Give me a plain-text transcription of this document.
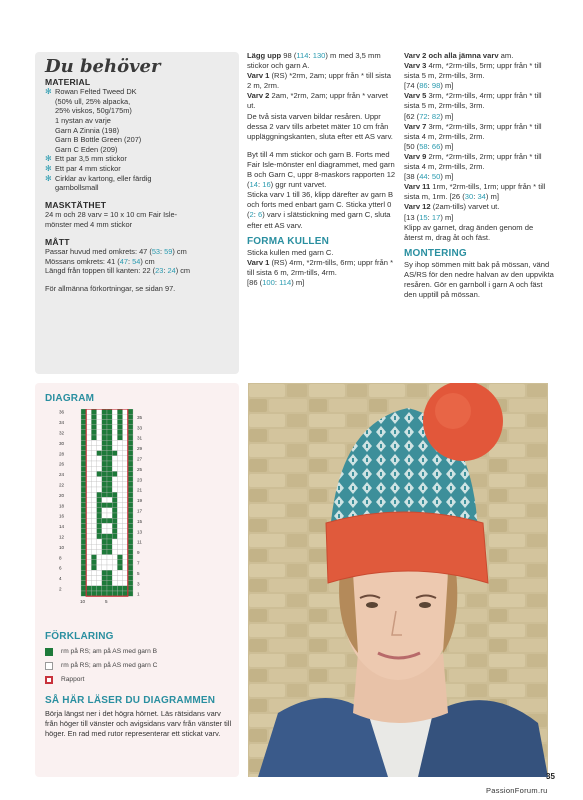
Du behöver
MATERIAL
✻ Rowan Felted Tweed DK
(50% ull, 25% alpacka,
25% viskos, 50g/175m)
1 nystan av varje
Garn A Zinnia (198)
Garn B Bottle Green (207)
Garn C Eden (209)
✻ Ett par 3,5 mm stickor
✻ Ett par 4 mm stickor
✻ Cirklar av kartong, eller färdig
garnbollsmall
MASKTÄTHET
24 m och 28 varv = 10 x 10 cm Fair Isle-
mönster med 4 mm stickor
MÅTT
Passar huvud med omkrets: 47 (53: 59) cm
Mössans omkrets: 41 (47: 54) cm
Längd från toppen till kanten: 22 (23: 24) cm
För allmänna förkortningar, se sidan 97.

Lägg upp 98 (114: 130) m med 3,5 mm stickor och garn A.

Varv 1 (RS) *2rm, 2am; uppr från * till sista 2 m, 2rm.

Varv 2 2am, *2rm, 2am; uppr från * varvet ut.

De två sista varven bildar resåren. Uppr dessa 2 varv tills arbetet mäter 10 cm från uppläggningskanten, sluta efter ett AS varv.

Byt till 4 mm stickor och garn B. Forts med Fair Isle-mönster enl diagrammet, med garn B och Garn C, uppr 8-maskors rapporten 12 (14: 16) ggr runt varvet.

Sticka varv 1 till 36, klipp därefter av garn B och forts med enbart garn C. Sticka ytterl 0 (2: 6) varv i slätstickning med garn C, sluta efter ett AS varv.

FORMA KULLEN

Sticka kullen med garn C.

Varv 1 (RS) 4rm, *2rm-tills, 6rm; uppr från * till sista 6 m, 2rm-tills, 4rm.

[86 (100: 114) m]

Varv 2 och alla jämna varv am.

Varv 3 4rm, *2rm-tills, 5rm; uppr från * till sista 5 m, 2rm-tills, 3rm.

[74 (86: 98) m]

Varv 5 3rm, *2rm-tills, 4rm; uppr från * till sista 5 m, 2rm-tills, 3rm.

[62 (72: 82) m]

Varv 7 3rm, *2rm-tills, 3rm; uppr från * till sista 4 m, 2rm-tills, 2rm.

[50 (58: 66) m]

Varv 9 2rm, *2rm-tills, 2rm; uppr från * till sista 4 m, 2rm-tills, 2rm.

[38 (44: 50) m]

Varv 11 1rm, *2rm-tills, 1rm; uppr från * till sista m, 1rm. [26 (30: 34) m]

Varv 12 (2am-tills) varvet ut.

[13 (15: 17) m]

Klipp av garnet, drag änden genom de återst m, drag åt och fäst.

MONTERING

Sy ihop sömmen mitt bak på mössan, vänd AS/RS för den nedre halvan av den uppvikta resåren. Gör en garnboll i garn A och fäst den upptill på mössan.

DIAGRAM
36
34
32
30
28
26
24
22
20
18
16
14
12
10
8
6
4
2
35
33
31
29
27
25
23
21
19
17
15
13
11
9
7
5
3
1
10	5
FÖRKLARING
rm på RS; am på AS med garn B
rm på RS; am på AS med garn C
Rapport
SÅ HÄR LÄSER DU DIAGRAMMEN
Börja längst ner i det högra hörnet. Läs rätsidans varv från höger till vänster och avigsidans varv från vänster till höger. En rad med rutor representerar ett stickat varv.
35
PassionForum.ru
